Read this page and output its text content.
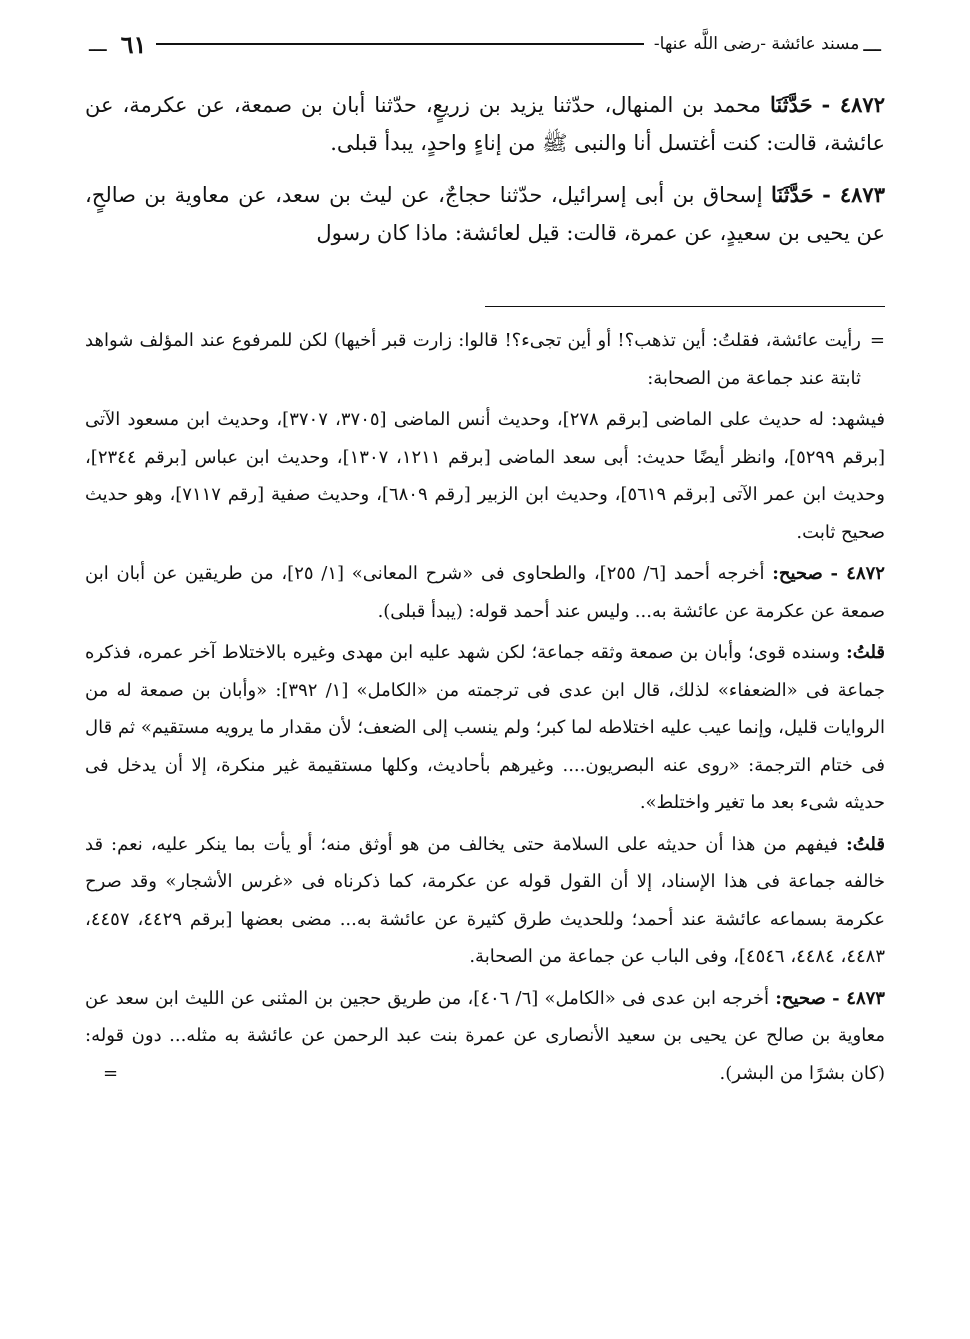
ـــ
مسند عائشة -رضى اللَّه عنها-
٦١
ـــ

٤٨٧٢ - حَدَّثَنَا محمد بن المنهال، حدّثنا يزيد بن زريعٍ، حدّثنا أبان بن صمعة، عن عكرمة، عن عائشة، قالت: كنت أغتسل أنا والنبى ﷺ من إناءٍ واحدٍ، يبدأ قبلى.

٤٨٧٣ - حَدَّثَنَا إسحاق بن أبى إسرائيل، حدّثنا حجاجٌ، عن ليث بن سعد، عن معاوية بن صالحٍ، عن يحيى بن سعيدٍ، عن عمرة، قالت: قيل لعائشة: ماذا كان رسول

=
رأيت عائشة، فقلتُ: أين تذهب؟! أو أين تجىء؟! قالوا: زارت قبر أخيها) لكن للمرفوع عند المؤلف شواهد ثابتة عند جماعة من الصحابة:

فيشهد: له حديث على الماضى [برقم ٢٧٨]، وحديث أنس الماضى [٣٧٠٥، ٣٧٠٧]، وحديث ابن مسعود الآتى [برقم ٥٢٩٩]، وانظر أيضًا حديث: أبى سعد الماضى [برقم ١٢١١، ١٣٠٧]، وحديث ابن عباس [برقم ٢٣٤٤]، وحديث ابن عمر الآتى [برقم ٥٦١٩]، وحديث ابن الزبير [رقم ٦٨٠٩]، وحديث صفية [رقم ٧١١٧]، وهو حديث صحيح ثابت.

٤٨٧٢ - صحيح: أخرجه أحمد [٦/ ٢٥٥]، والطحاوى فى «شرح المعانى» [١/ ٢٥]، من طريقين عن أبان ابن صمعة عن عكرمة عن عائشة به... وليس عند أحمد قوله: (يبدأ قبلى).

قلتُ: وسنده قوى؛ وأبان بن صمعة وثقه جماعة؛ لكن شهد عليه ابن مهدى وغيره بالاختلاط آخر عمره، فذكره جماعة فى «الضعفاء» لذلك، قال ابن عدى فى ترجمته من «الكامل» [١/ ٣٩٢]: «وأبان بن صمعة له من الروايات قليل، وإنما عيب عليه اختلاطه لما كبر؛ ولم ينسب إلى الضعف؛ لأن مقدار ما يرويه مستقيم» ثم قال فى ختام الترجمة: «روى عنه البصريون.... وغيرهم بأحاديث، وكلها مستقيمة غير منكرة، إلا أن يدخل فى حديثه شىء بعد ما تغير واختلط».

قلتُ: فيفهم من هذا أن حديثه على السلامة حتى يخالف من هو أوثق منه؛ أو يأت بما ينكر عليه، نعم: قد خالفه جماعة فى هذا الإسناد، إلا أن القول قوله عن عكرمة، كما ذكرناه فى «غرس الأشجار» وقد صرح عكرمة بسماعه عائشة عند أحمد؛ وللحديث طرق كثيرة عن عائشة به... مضى بعضها [برقم ٤٤٢٩، ٤٤٥٧، ٤٤٨٣، ٤٤٨٤، ٤٥٤٦]، وفى الباب عن جماعة من الصحابة.

٤٨٧٣ - صحيح: أخرجه ابن عدى فى «الكامل» [٦/ ٤٠٦]، من طريق حجين بن المثنى عن الليث ابن سعد عن معاوية بن صالح عن يحيى بن سعيد الأنصارى عن عمرة بنت عبد الرحمن عن عائشة به مثله... دون قوله: (كان بشرًا من البشر).
=
